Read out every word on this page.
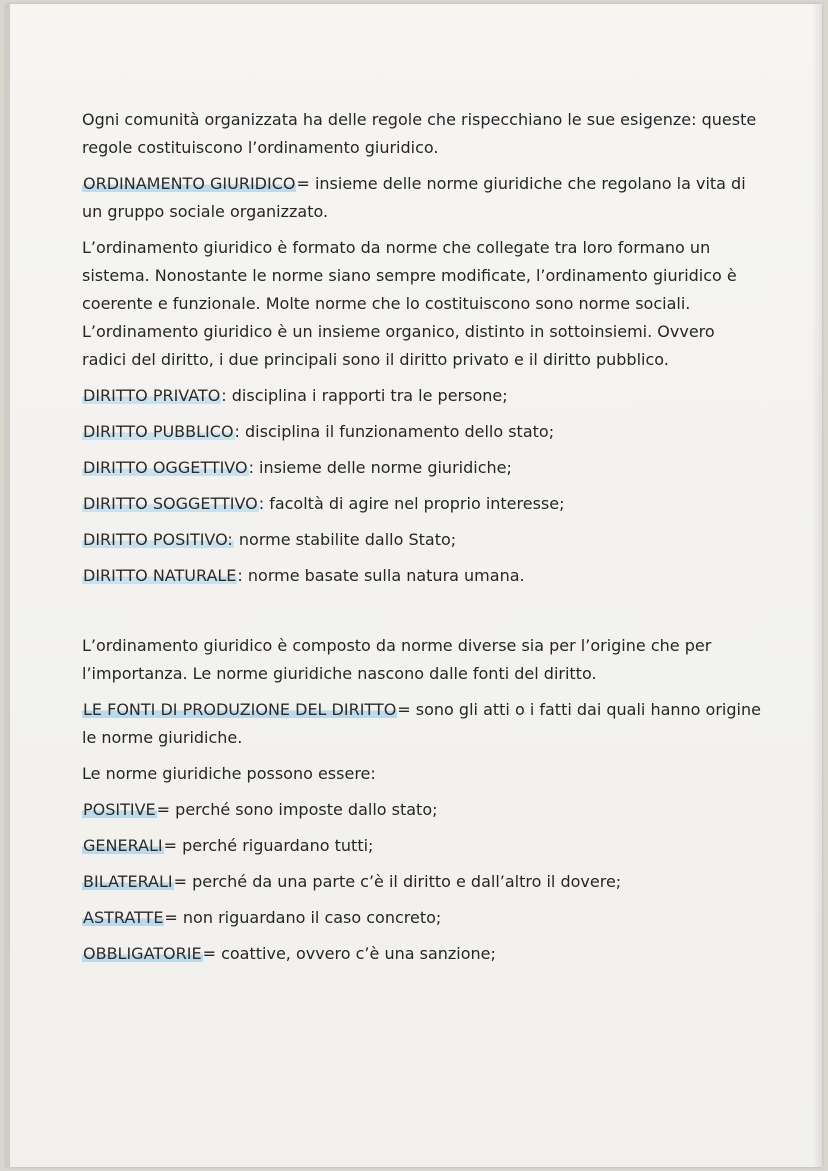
Ogni comunità organizzata ha delle regole che rispecchiano le sue esigenze: queste regole costituiscono l’ordinamento giuridico.

ORDINAMENTO GIURIDICO= insieme delle norme giuridiche che regolano la vita di un gruppo sociale organizzato.

L’ordinamento giuridico è formato da norme che collegate tra loro formano un sistema. Nonostante le norme siano sempre modificate, l’ordinamento giuridico è coerente e funzionale. Molte norme che lo costituiscono sono norme sociali. L’ordinamento giuridico è un insieme organico, distinto in sottoinsiemi. Ovvero radici del diritto, i due principali sono il diritto privato e il diritto pubblico.

DIRITTO PRIVATO: disciplina i rapporti tra le persone;
DIRITTO PUBBLICO: disciplina il funzionamento dello stato;
DIRITTO OGGETTIVO: insieme delle norme giuridiche;
DIRITTO SOGGETTIVO: facoltà di agire nel proprio interesse;
DIRITTO POSITIVO: norme stabilite dallo Stato;
DIRITTO NATURALE: norme basate sulla natura umana.

L’ordinamento giuridico è composto da norme diverse sia per l’origine che per l’importanza. Le norme giuridiche nascono dalle fonti del diritto.

LE FONTI DI PRODUZIONE DEL DIRITTO= sono gli atti o i fatti dai quali hanno origine le norme giuridiche.

Le norme giuridiche possono essere:
POSITIVE= perché sono imposte dallo stato;
GENERALI= perché riguardano tutti;
BILATERALI= perché da una parte c’è il diritto e dall’altro il dovere;
ASTRATTE= non riguardano il caso concreto;
OBBLIGATORIE= coattive, ovvero c’è una sanzione;
